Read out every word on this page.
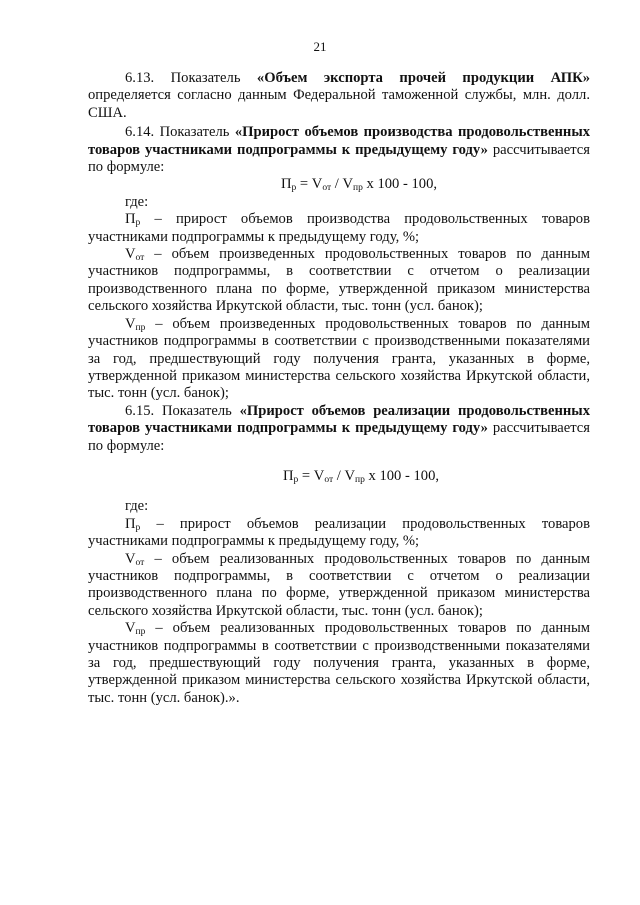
21

6.13. Показатель «Объем экспорта прочей продукции АПК» определяется согласно данным Федеральной таможенной службы, млн. долл. США.

6.14. Показатель «Прирост объемов производства продовольственных товаров участниками подпрограммы к предыдущему году» рассчитывается по формуле:

$П_р = V_{от} / V_{пр}$ x 100 - 100,

где:

$П_р$ – прирост объемов производства продовольственных товаров участниками подпрограммы к предыдущему году, %;

$V_{от}$ – объем произведенных продовольственных товаров по данным участников подпрограммы, в соответствии с отчетом о реализации производственного плана по форме, утвержденной приказом министерства сельского хозяйства Иркутской области, тыс. тонн (усл. банок);

$V_{пр}$ – объем произведенных продовольственных товаров по данным участников подпрограммы в соответствии с производственными показателями за год, предшествующий году получения гранта, указанных в форме, утвержденной приказом министерства сельского хозяйства Иркутской области, тыс. тонн (усл. банок);

6.15. Показатель «Прирост объемов реализации продовольственных товаров участниками подпрограммы к предыдущему году» рассчитывается по формуле:

$П_р = V_{от} / V_{пр}$ x 100 - 100,

где:

$П_р$ – прирост объемов реализации продовольственных товаров участниками подпрограммы к предыдущему году, %;

$V_{от}$ – объем реализованных продовольственных товаров по данным участников подпрограммы, в соответствии с отчетом о реализации производственного плана по форме, утвержденной приказом министерства сельского хозяйства Иркутской области, тыс. тонн (усл. банок);

$V_{пр}$ – объем реализованных продовольственных товаров по данным участников подпрограммы в соответствии с производственными показателями за год, предшествующий году получения гранта, указанных в форме, утвержденной приказом министерства сельского хозяйства Иркутской области, тыс. тонн (усл. банок).».
